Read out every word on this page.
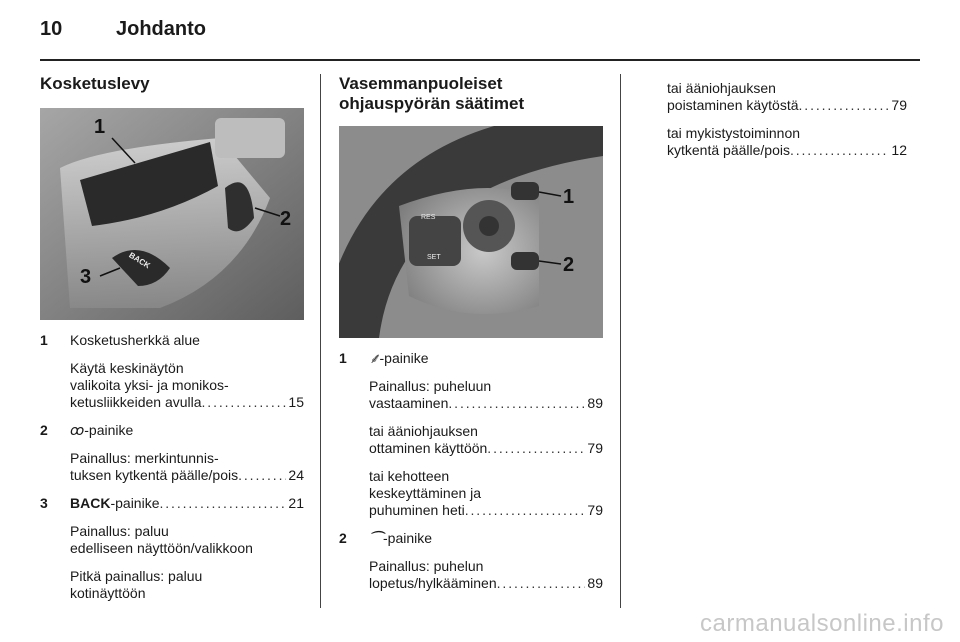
10	Johdanto
Kosketuslevy
1
2
3
BACK
1 Kosketusherkkä alue
Käytä keskinäytön
valikoita yksi- ja monikos-
ketusliikkeiden avulla . . .	15
2 ꝏ-painike
Painallus: merkintunnis-
tuksen kytkentä päälle/pois . . .	24
3 BACK-painike . . .	21
Painallus: paluu
edelliseen näyttöön/valikkoon
Pitkä painallus: paluu
kotinäyttöön
Vasemmanpuoleiset
ohjauspyörän säätimet
1
2
RES
SET
1 ⸙-painike
Painallus: puheluun
vastaaminen . . .	89
tai ääniohjauksen
ottaminen käyttöön . . .	79
tai kehotteen
keskeyttäminen ja
puhuminen heti . . .	79
2 ⌒-painike
Painallus: puhelun
lopetus/hylkääminen . . .	89
tai ääniohjauksen
poistaminen käytöstä . . .	79
tai mykistystoiminnon
kytkentä päälle/pois . . .	12
carmanualsonline.info
